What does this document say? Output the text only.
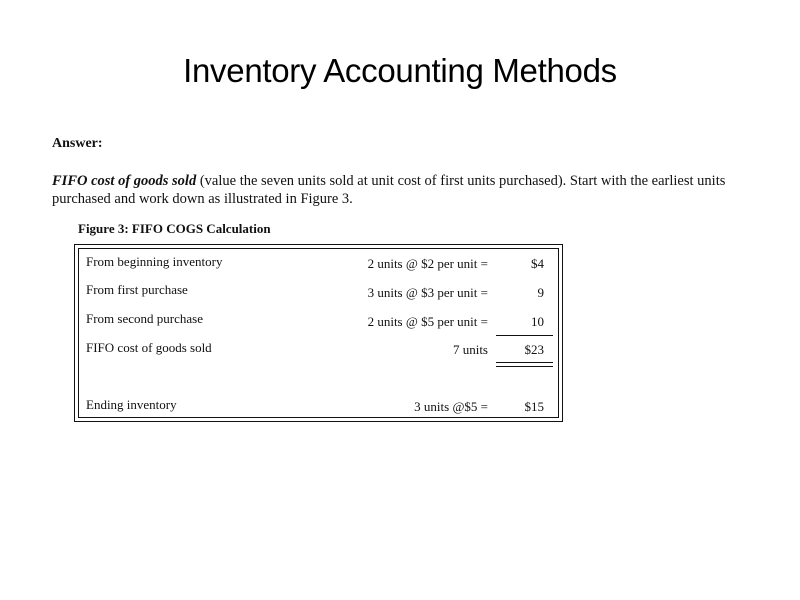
Inventory Accounting Methods
Answer:
FIFO cost of goods sold (value the seven units sold at unit cost of first units purchased). Start with the earliest units purchased and work down as illustrated in Figure 3.
Figure 3: FIFO COGS Calculation
From beginning inventory	2 units @ $2 per unit =	$4
From first purchase	3 units @ $3 per unit =	9
From second purchase	2 units @ $5 per unit =	10
FIFO cost of goods sold	7 units	$23
Ending inventory	3 units @$5 =	$15
